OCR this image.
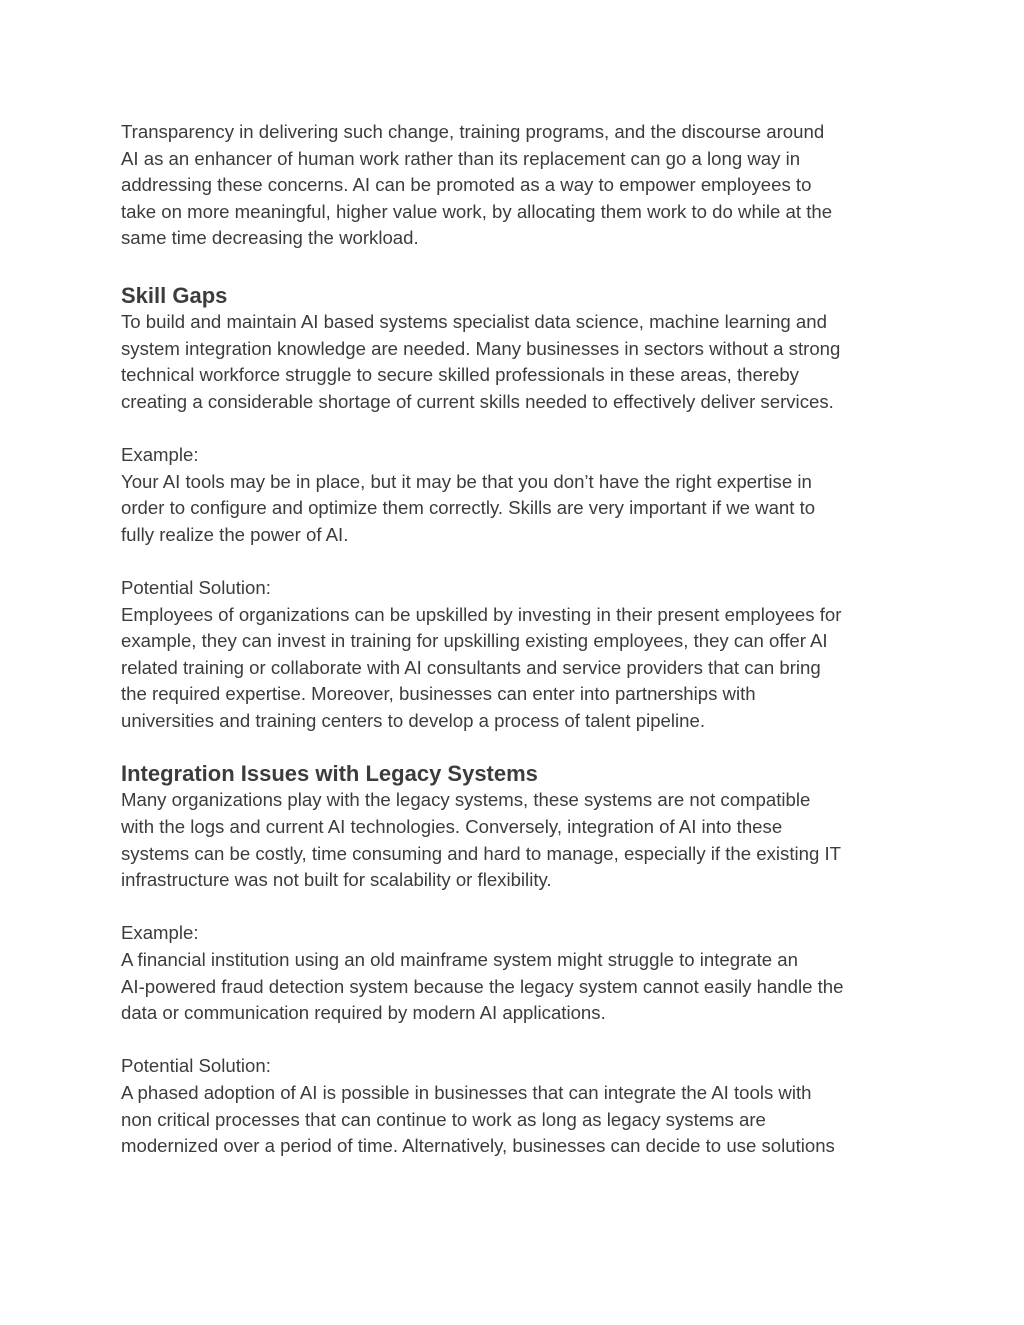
Transparency in delivering such change, training programs, and the discourse around
AI as an enhancer of human work rather than its replacement can go a long way in
addressing these concerns. AI can be promoted as a way to empower employees to
take on more meaningful, higher value work, by allocating them work to do while at the
same time decreasing the workload.

Skill Gaps

To build and maintain AI based systems specialist data science, machine learning and
system integration knowledge are needed. Many businesses in sectors without a strong
technical workforce struggle to secure skilled professionals in these areas, thereby
creating a considerable shortage of current skills needed to effectively deliver services.

Example:

Your AI tools may be in place, but it may be that you don’t have the right expertise in
order to configure and optimize them correctly. Skills are very important if we want to
fully realize the power of AI.

Potential Solution:

Employees of organizations can be upskilled by investing in their present employees for
example, they can invest in training for upskilling existing employees, they can offer AI
related training or collaborate with AI consultants and service providers that can bring
the required expertise. Moreover, businesses can enter into partnerships with
universities and training centers to develop a process of talent pipeline.

Integration Issues with Legacy Systems

Many organizations play with the legacy systems, these systems are not compatible
with the logs and current AI technologies. Conversely, integration of AI into these
systems can be costly, time consuming and hard to manage, especially if the existing IT
infrastructure was not built for scalability or flexibility.

Example:

A financial institution using an old mainframe system might struggle to integrate an
AI-powered fraud detection system because the legacy system cannot easily handle the
data or communication required by modern AI applications.

Potential Solution:

A phased adoption of AI is possible in businesses that can integrate the AI tools with
non critical processes that can continue to work as long as legacy systems are
modernized over a period of time. Alternatively, businesses can decide to use solutions
